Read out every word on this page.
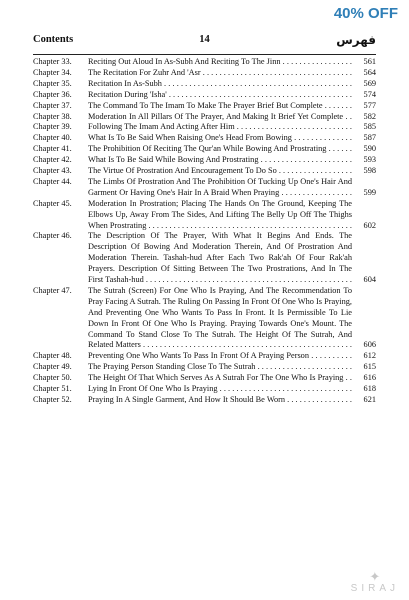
40% OFF
Contents	14	فهرس
Chapter 33.	Reciting Out Aloud In As-Subh And Reciting To The Jinn . . .	561
Chapter 34.	The Recitation For Zuhr And 'Asr . . .	564
Chapter 35.	Recitation In As-Subh . . .	569
Chapter 36.	Recitation During 'Isha' . . .	574
Chapter 37.	The Command To The Imam To Make The Prayer Brief But Complete . . .	577
Chapter 38.	Moderation In All Pillars Of The Prayer, And Making It Brief Yet Complete . . .	582
Chapter 39.	Following The Imam And Acting After Him . . .	585
Chapter 40.	What Is To Be Said When Raising One's Head From Bowing . . .	587
Chapter 41.	The Prohibition Of Reciting The Qur'an While Bowing And Prostrating . . .	590
Chapter 42.	What Is To Be Said While Bowing And Prostrating . . .	593
Chapter 43.	The Virtue Of Prostration And Encouragement To Do So . . .	598
Chapter 44.	The Limbs Of Prostration And The Prohibition Of Tucking Up One's Hair And Garment Or Having One's Hair In A Braid When Praying . . .	599
Chapter 45.	Moderation In Prostration; Placing The Hands On The Ground, Keeping The Elbows Up, Away From The Sides, And Lifting The Belly Up Off The Thighs When Prostrating . . .	602
Chapter 46.	The Description Of The Prayer, With What It Begins And Ends. The Description Of Bowing And Moderation Therein, And Of Prostration And Moderation Therein. Tashah-hud After Each Two Rak'ah Of Four Rak'ah Prayers. Description Of Sitting Between The Two Prostrations, And In The First Tashah-hud . . .	604
Chapter 47.	The Sutrah (Screen) For One Who Is Praying, And The Recommendation To Pray Facing A Sutrah. The Ruling On Passing In Front Of One Who Is Praying, And Preventing One Who Wants To Pass In Front. It Is Permissible To Lie Down In Front Of One Who Is Praying. Praying Towards One's Mount. The Command To Stand Close To The Sutrah. The Height Of The Sutrah, And Related Matters . . .	606
Chapter 48.	Preventing One Who Wants To Pass In Front Of A Praying Person . . .	612
Chapter 49.	The Praying Person Standing Close To The Sutrah . . .	615
Chapter 50.	The Height Of That Which Serves As A Sutrah For The One Who Is Praying . . .	616
Chapter 51.	Lying In Front Of One Who Is Praying . . .	618
Chapter 52.	Praying In A Single Garment, And How It Should Be Worn . . .	621
✦
SIRAJ
